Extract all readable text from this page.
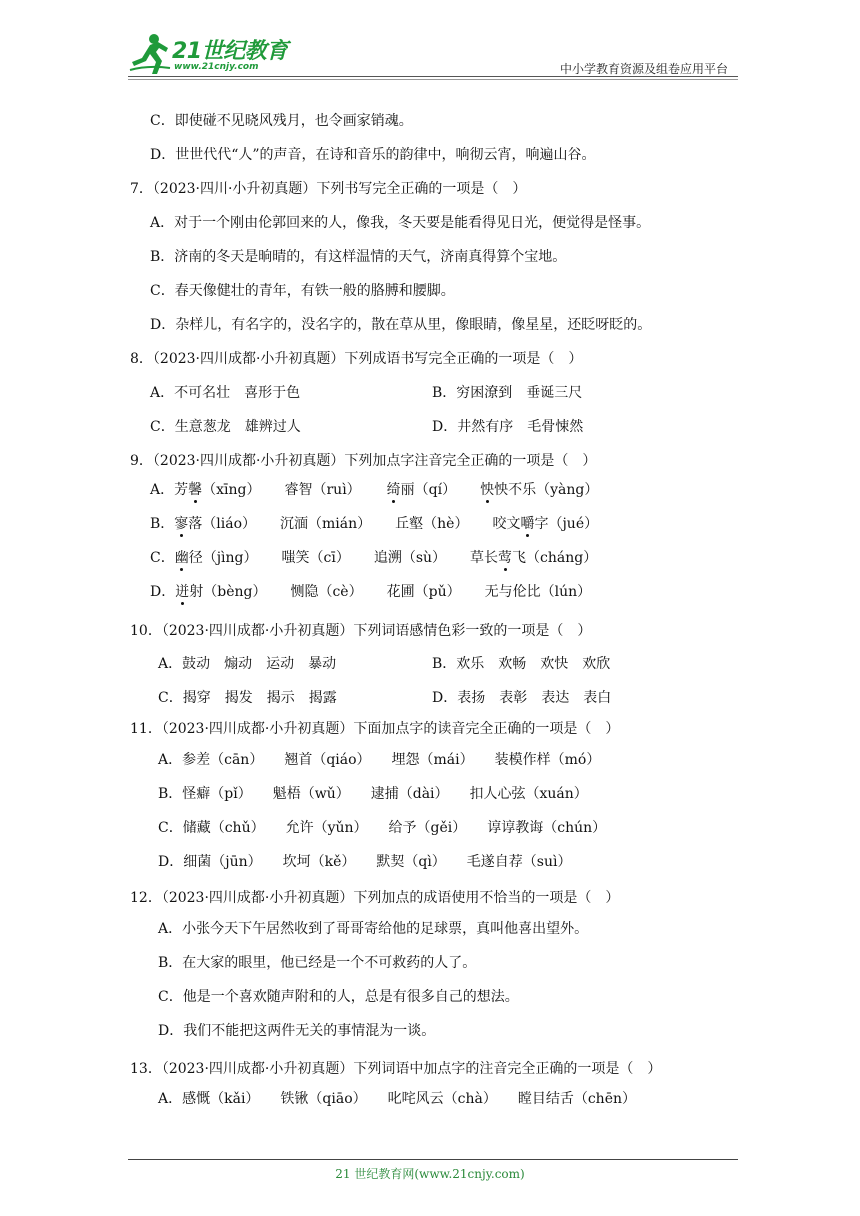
21世纪教育
www.21cnjy.com	中小学教育资源及组卷应用平台
C．即使碰不见晓风残月，也令画家销魂。
D．世世代代“人”的声音，在诗和音乐的韵律中，响彻云宵，响遍山谷。
7．（2023·四川·小升初真题）下列书写完全正确的一项是（　）
A．对于一个刚由伦郭回来的人，像我，冬天要是能看得见日光，便觉得是怪事。
B．济南的冬天是晌晴的，有这样温情的天气，济南真得算个宝地。
C．春天像健壮的青年，有铁一般的胳膊和腰脚。
D．杂样儿，有名字的，没名字的，散在草从里，像眼睛，像星星，还眨呀眨的。
8．（2023·四川成都·小升初真题）下列成语书写完全正确的一项是（　）
A．不可名壮　喜形于色	B．穷困潦到　垂诞三尺
C．生意葱龙　雄辨过人	D．井然有序　毛骨悚然
9．（2023·四川成都·小升初真题）下列加点字注音完全正确的一项是（　）
A．芳馨（xīng） 睿智（ruì） 绮丽（qí） 怏怏不乐（yàng）
B．寥落（liáo） 沉湎（mián） 丘壑（hè） 咬文嚼字（jué）
C．幽径（jìng） 嗤笑（cī） 追溯（sù） 草长莺飞（cháng）
D．迸射（bèng） 恻隐（cè） 花圃（pǔ） 无与伦比（lún）
10．（2023·四川成都·小升初真题）下列词语感情色彩一致的一项是（　）
A．鼓动　煽动　运动　暴动	B．欢乐　欢畅　欢快　欢欣
C．揭穿　揭发　揭示　揭露	D．表扬　表彰　表达　表白
11．（2023·四川成都·小升初真题）下面加点字的读音完全正确的一项是（　）
A．参差（cān）　　翘首（qiáo）　　埋怨（mái）　　装模作样（mó）
B．怪癖（pǐ）　　魁梧（wǔ）　　逮捕（dài）　　扣人心弦（xuán）
C．储藏（chǔ）　　允许（yǔn）　　给予（gěi）　　谆谆教诲（chún）
D．细菌（jūn）　　坎坷（kě）　　默契（qì）　　毛遂自荐（suì）
12．（2023·四川成都·小升初真题）下列加点的成语使用不恰当的一项是（　）
A．小张今天下午居然收到了哥哥寄给他的足球票，真叫他喜出望外。
B．在大家的眼里，他已经是一个不可救药的人了。
C．他是一个喜欢随声附和的人，总是有很多自己的想法。
D．我们不能把这两件无关的事情混为一谈。
13．（2023·四川成都·小升初真题）下列词语中加点字的注音完全正确的一项是（　）
A．感慨（kǎi）　　铁锹（qiāo）　　叱咤风云（chà）　　瞠目结舌（chēn）
21 世纪教育网(www.21cnjy.com)
